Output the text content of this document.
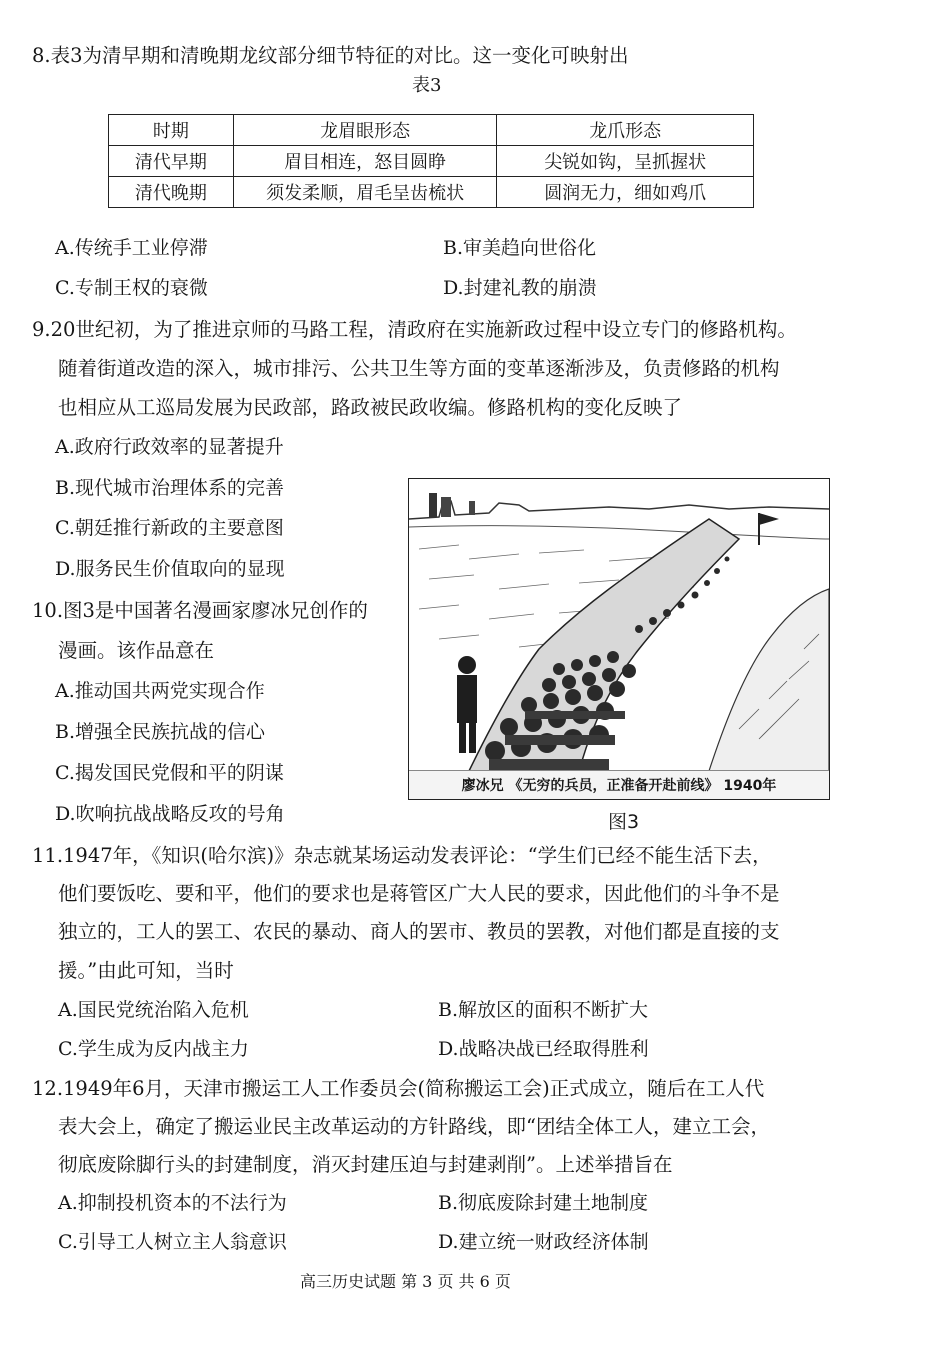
8.表3为清早期和清晚期龙纹部分细节特征的对比。这一变化可映射出
表3
时期	龙眉眼形态	龙爪形态
清代早期	眉目相连，怒目圆睁	尖锐如钩，呈抓握状
清代晚期	须发柔顺，眉毛呈齿梳状	圆润无力，细如鸡爪
A.传统手工业停滞	B.审美趋向世俗化
C.专制王权的衰微	D.封建礼教的崩溃
9.20世纪初，为了推进京师的马路工程，清政府在实施新政过程中设立专门的修路机构。
随着街道改造的深入，城市排污、公共卫生等方面的变革逐渐涉及，负责修路的机构
也相应从工巡局发展为民政部，路政被民政收编。修路机构的变化反映了
A.政府行政效率的显著提升
B.现代城市治理体系的完善
C.朝廷推行新政的主要意图
D.服务民生价值取向的显现
10.图3是中国著名漫画家廖冰兄创作的
漫画。该作品意在
A.推动国共两党实现合作
B.增强全民族抗战的信心
C.揭发国民党假和平的阴谋
D.吹响抗战战略反攻的号角
廖冰兄 《无穷的兵员，正准备开赴前线》 1940年
图3
11.1947年，《知识(哈尔滨)》杂志就某场运动发表评论：“学生们已经不能生活下去，
他们要饭吃、要和平，他们的要求也是蒋管区广大人民的要求，因此他们的斗争不是
独立的，工人的罢工、农民的暴动、商人的罢市、教员的罢教，对他们都是直接的支
援。”由此可知，当时
A.国民党统治陷入危机	B.解放区的面积不断扩大
C.学生成为反内战主力	D.战略决战已经取得胜利
12.1949年6月，天津市搬运工人工作委员会(简称搬运工会)正式成立，随后在工人代
表大会上，确定了搬运业民主改革运动的方针路线，即“团结全体工人，建立工会，
彻底废除脚行头的封建制度，消灭封建压迫与封建剥削”。上述举措旨在
A.抑制投机资本的不法行为	B.彻底废除封建土地制度
C.引导工人树立主人翁意识	D.建立统一财政经济体制
高三历史试题 第 3 页 共 6 页
